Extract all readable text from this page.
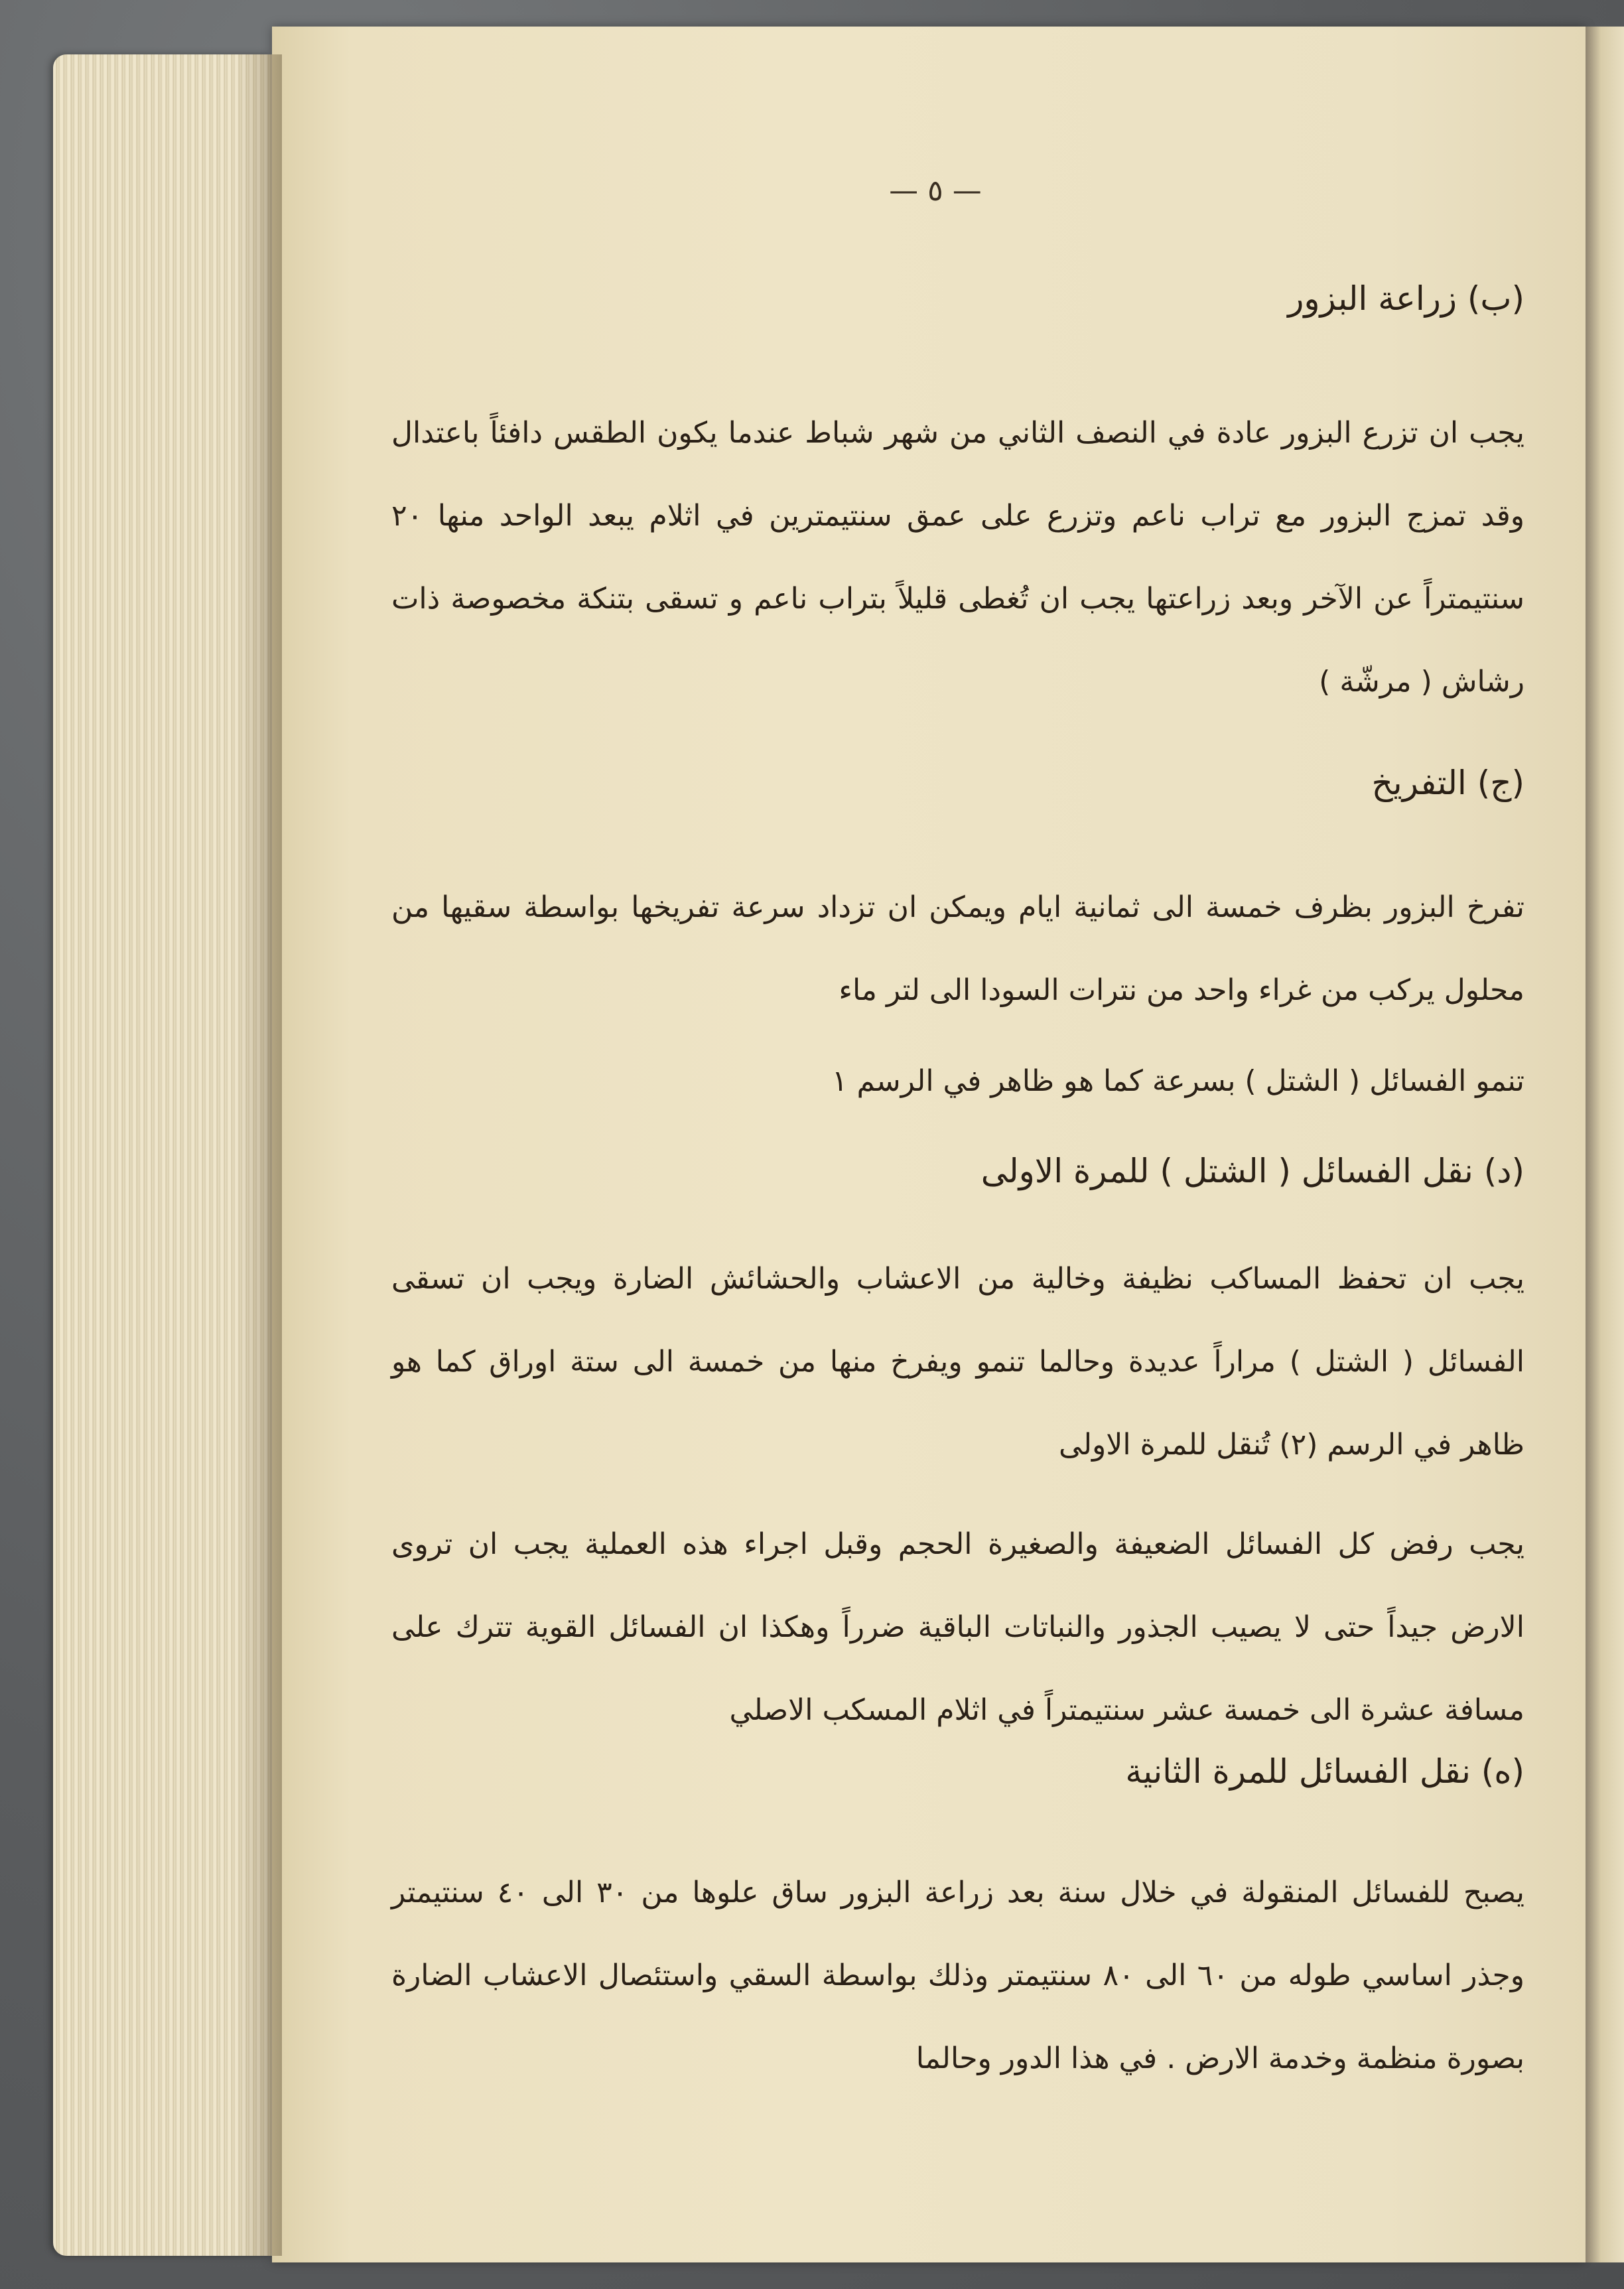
— ٥ —
(ب) زراعة البزور
يجب ان تزرع البزور عادة في النصف الثاني من شهر شباط عندما يكون الطقس دافئاً باعتدال وقد تمزج البزور مع تراب ناعم وتزرع على عمق سنتيمترين في اثلام يبعد الواحد منها ٢٠ سنتيمتراً عن الآخر وبعد زراعتها يجب ان تُغطى قليلاً بتراب ناعم و تسقى بتنكة مخصوصة ذات رشاش ( مرشّة )
(ج) التفريخ
تفرخ البزور بظرف خمسة الى ثمانية ايام ويمكن ان تزداد سرعة تفريخها بواسطة سقيها من محلول يركب من غراء واحد من نترات السودا الى لتر ماء
تنمو الفسائل ( الشتل ) بسرعة كما هو ظاهر في الرسم ١
(د) نقل الفسائل ( الشتل ) للمرة الاولى
يجب ان تحفظ المساكب نظيفة وخالية من الاعشاب والحشائش الضارة ويجب ان تسقى الفسائل ( الشتل ) مراراً عديدة وحالما تنمو ويفرخ منها من خمسة الى ستة اوراق كما هو ظاهر في الرسم (٢) تُنقل للمرة الاولى
يجب رفض كل الفسائل الضعيفة والصغيرة الحجم وقبل اجراء هذه العملية يجب ان تروى الارض جيداً حتى لا يصيب الجذور والنباتات الباقية ضرراً وهكذا ان الفسائل القوية تترك على مسافة عشرة الى خمسة عشر سنتيمتراً في اثلام المسكب الاصلي
(ه) نقل الفسائل للمرة الثانية
يصبح للفسائل المنقولة في خلال سنة بعد زراعة البزور ساق علوها من ٣٠ الى ٤٠ سنتيمتر وجذر اساسي طوله من ٦٠ الى ٨٠ سنتيمتر وذلك بواسطة السقي واستئصال الاعشاب الضارة بصورة منظمة وخدمة الارض . في هذا الدور وحالما
